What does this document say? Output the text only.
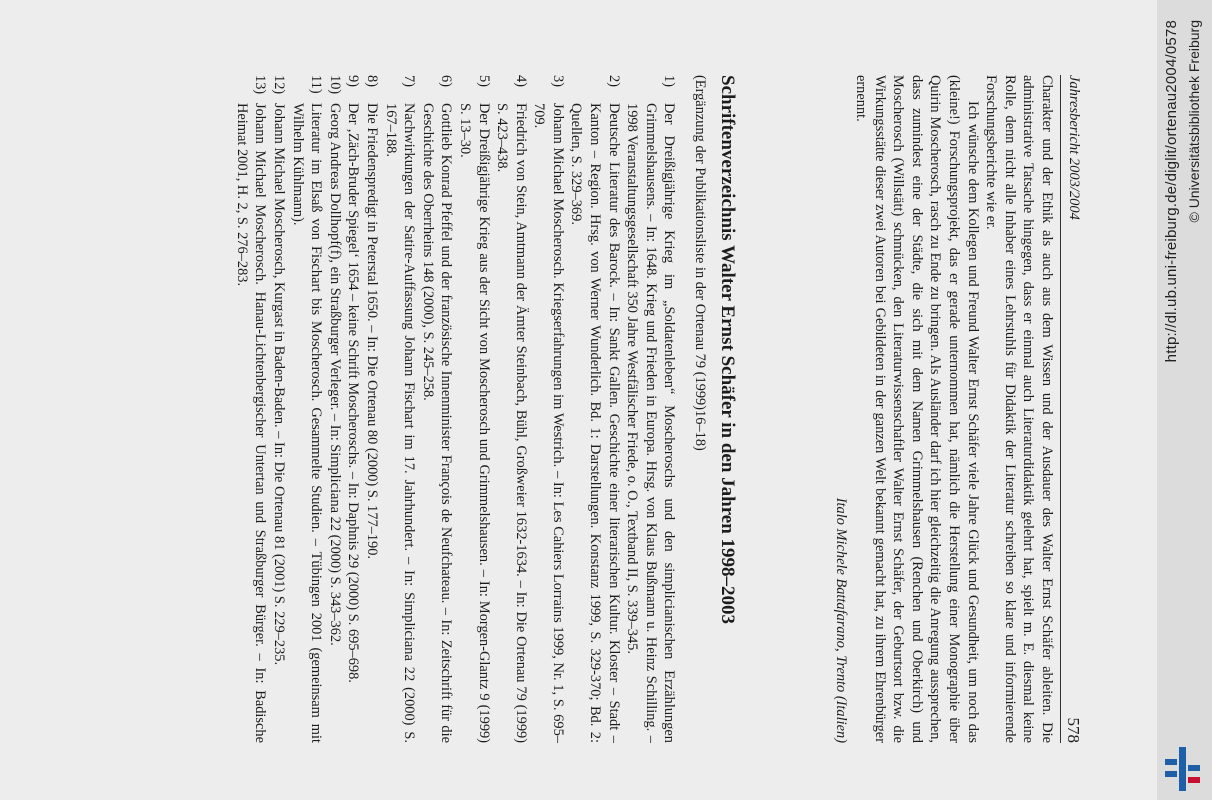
http://dl.ub.uni-freiburg.de/diglit/ortenau2004/0578 © Universitätsbibliothek Freiburg
578
Jahresbericht 2003/2004

Charakter und der Ethik als auch aus dem Wissen und der Ausdauer des Walter Ernst Schäfer ableiten. Die administrative Tatsache hingegen, dass er einmal auch Literaturdidaktik gelehrt hat, spielt m. E. diesmal keine Rolle, denn nicht alle Inhaber eines Lehrstuhls für Didaktik der Literatur schreiben so klare und informierende Forschungsberichte wie er.

Ich wünsche dem Kollegen und Freund Walter Ernst Schäfer viele Jahre Glück und Gesundheit, um noch das (kleine!) Forschungsprojekt, das er gerade unternommen hat, nämlich die Herstellung einer Monographie über Quirin Moscherosch, rasch zu Ende zu bringen. Als Ausländer darf ich hier gleichzeitig die Anregung aussprechen, dass zumindest eine der Städte, die sich mit dem Namen Grimmelshausen (Renchen und Oberkirch) und Moscherosch (Willstätt) schmücken, den Literaturwissenschaftler Walter Ernst Schäfer, der Geburtsort bzw. die Wirkungsstätte dieser zwei Autoren bei Gebildeten in der ganzen Welt bekannt gemacht hat, zu ihrem Ehrenbürger ernennt.

Italo Michele Battafarano, Trento (Italien)
Schriftenverzeichnis Walter Ernst Schäfer in den Jahren 1998–2003
(Ergänzung der Publikationsliste in der Ortenau 79 (1999)16–18)
1)
Der Dreißigjährige Krieg im „Soldatenleben“ Moscheroschs und den simplicianischen Erzählungen Grimmelshausens. – In: 1648. Krieg und Frieden in Europa. Hrsg. von Klaus Bußmann u. Heinz Schilling. – 1998 Veranstaltungsgesellschaft 350 Jahre Westfälischer Friede, o. O., Textband II, S. 339–345.
2)
Deutsche Literatur des Barock. – In: Sankt Gallen. Geschichte einer literarischen Kultur. Kloster – Stadt – Kanton – Region. Hrsg. von Werner Wunderlich. Bd. 1: Darstellungen. Konstanz 1999, S. 329-370; Bd. 2: Quellen, S. 329–369.
3)
Johann Michael Moscherosch. Kriegserfahrungen im Westrich. – In: Les Cahiers Lorrains 1999, Nr. 1, S. 695–709.
4)
Friedrich von Stein, Amtmann der Ämter Steinbach, Bühl, Großweier 1632-1634. – In: Die Ortenau 79 (1999) S. 423–438.
5)
Der Dreißigjährige Krieg aus der Sicht von Moscherosch und Grimmelshausen. – In: Morgen-Glantz 9 (1999) S. 13–30.
6)
Gottlieb Konrad Pfeffel und der französische Innenminister François de Neufchateau. – In: Zeitschrift für die Geschichte des Oberrheins 148 (2000), S. 245–258.
7)
Nachwirkungen der Satire-Auffassung Johann Fischart im 17. Jahrhundert. – In: Simpliciana 22 (2000) S. 167–188.
8)
Die Friedenspredigt in Peterstal 1650. – In: Die Ortenau 80 (2000) S. 177–190.
9)
Der ‚Zäch-Bruder Spiegel‘ 1654 – keine Schrift Moscheroschs. – In: Daphnis 29 (2000) S. 695–698.
10)
Georg Andreas Dollhopf(f), ein Straßburger Verleger. – In: Simpliciana 22 (2000) S. 343–362.
11)
Literatur im Elsaß von Fischart bis Moscherosch. Gesammelte Studien. – Tübingen 2001 (gemeinsam mit Wilhelm Kühlmann).
12)
Johann Michael Moscherosch, Kurgast in Baden-Baden. – In: Die Ortenau 81 (2001) S. 229–235.
13)
Johann Michael Moscherosch. Hanau-Lichtenbergischer Untertan und Straßburger Bürger. – In: Badische Heimat 2001, H. 2, S. 276–283.
